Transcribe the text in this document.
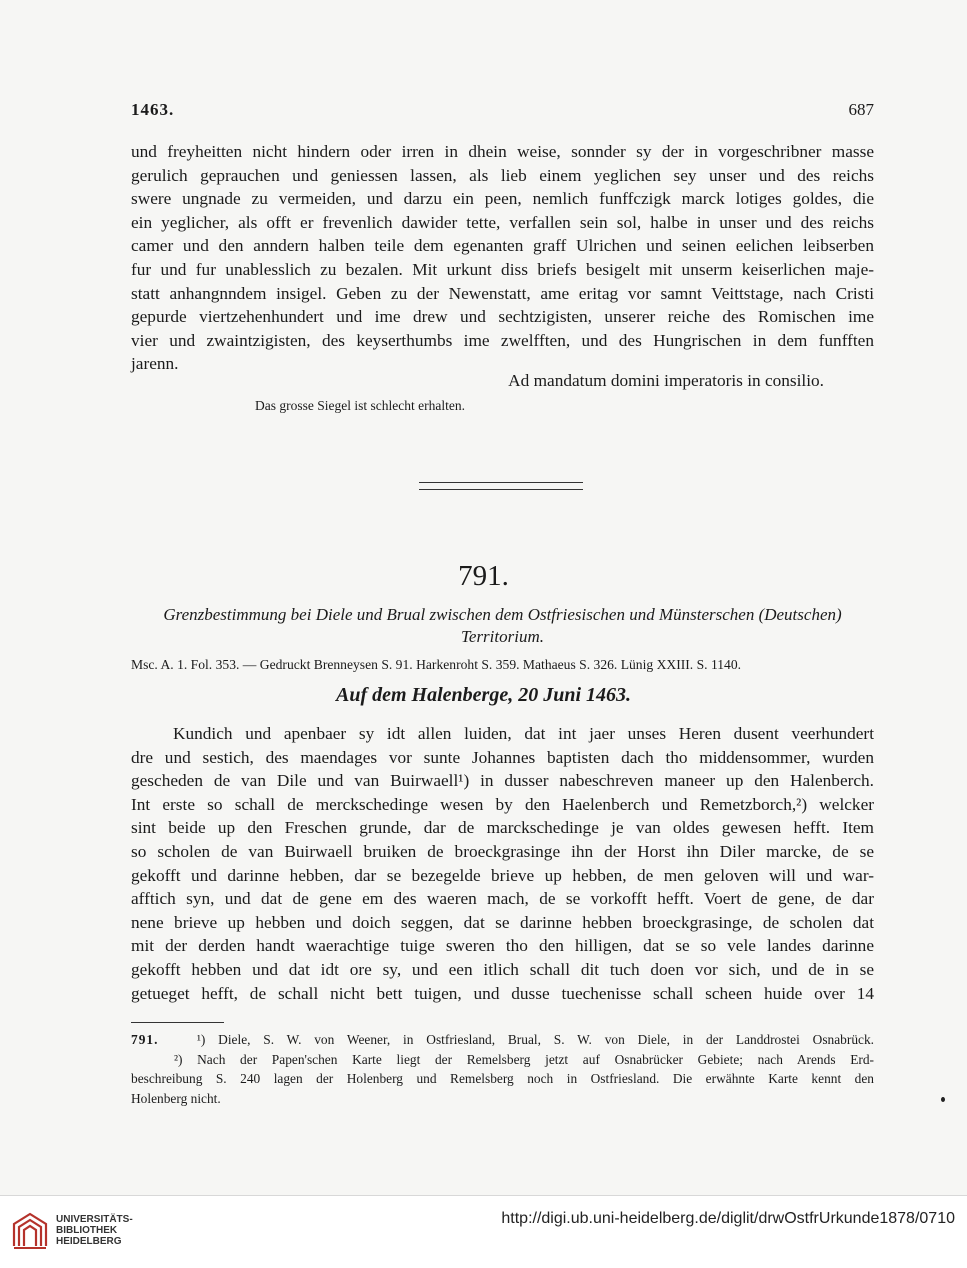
1463.	687
und freyheitten nicht hindern oder irren in dhein weise, sonnder sy der in vorgeschribner masse
gerulich geprauchen und geniessen lassen, als lieb einem yeglichen sey unser und des reichs
swere ungnade zu vermeiden, und darzu ein peen, nemlich funffczigk marck lotiges goldes, die
ein yeglicher, als offt er frevenlich dawider tette, verfallen sein sol, halbe in unser und des reichs
camer und den anndern halben teile dem egenanten graff Ulrichen und seinen eelichen leibserben
fur und fur unablesslich zu bezalen. Mit urkunt diss briefs besigelt mit unserm keiserlichen maje-
statt anhangnndem insigel. Geben zu der Newenstatt, ame eritag vor samnt Veittstage, nach Cristi
gepurde viertzehenhundert und ime drew und sechtzigisten, unserer reiche des Romischen ime
vier und zwaintzigisten, des keyserthumbs ime zwelfften, und des Hungrischen in dem funfften
jarenn.
Ad mandatum domini imperatoris in consilio.
Das grosse Siegel ist schlecht erhalten.
791.
Grenzbestimmung bei Diele und Brual zwischen dem Ostfriesischen und Münsterschen (Deutschen)
Territorium.
Msc. A. 1. Fol. 353. — Gedruckt Brenneysen S. 91. Harkenroht S. 359. Mathaeus S. 326. Lünig XXIII. S. 1140.
Auf dem Halenberge, 20 Juni 1463.
Kundich und apenbaer sy idt allen luiden, dat int jaer unses Heren dusent veerhundert
dre und sestich, des maendages vor sunte Johannes baptisten dach tho middensommer, wurden
gescheden de van Dile und van Buirwaell¹) in dusser nabeschreven maneer up den Halenberch.
Int erste so schall de merckschedinge wesen by den Haelenberch und Remetzborch,²) welcker
sint beide up den Freschen grunde, dar de marckschedinge je van oldes gewesen hefft. Item
so scholen de van Buirwaell bruiken de broeckgrasinge ihn der Horst ihn Diler marcke, de se
gekofft und darinne hebben, dar se bezegelde brieve up hebben, de men geloven will und war-
afftich syn, und dat de gene em des waeren mach, de se vorkofft hefft. Voert de gene, de dar
nene brieve up hebben und doich seggen, dat se darinne hebben broeckgrasinge, de scholen dat
mit der derden handt waerachtige tuige sweren tho den hilligen, dat se so vele landes darinne
gekofft hebben und dat idt ore sy, und een itlich schall dit tuch doen vor sich, und de in se
getueget hefft, de schall nicht bett tuigen, und dusse tuechenisse schall scheen huide over 14
791.	¹) Diele, S. W. von Weener, in Ostfriesland, Brual, S. W. von Diele, in der Landdrostei Osnabrück.
²) Nach der Papen'schen Karte liegt der Remelsberg jetzt auf Osnabrücker Gebiete; nach Arends Erd-
beschreibung S. 240 lagen der Holenberg und Remelsberg noch in Ostfriesland. Die erwähnte Karte kennt den
Holenberg nicht.
UNIVERSITÄTS-
BIBLIOTHEK
HEIDELBERG
http://digi.ub.uni-heidelberg.de/diglit/drwOstfrUrkunde1878/0710
